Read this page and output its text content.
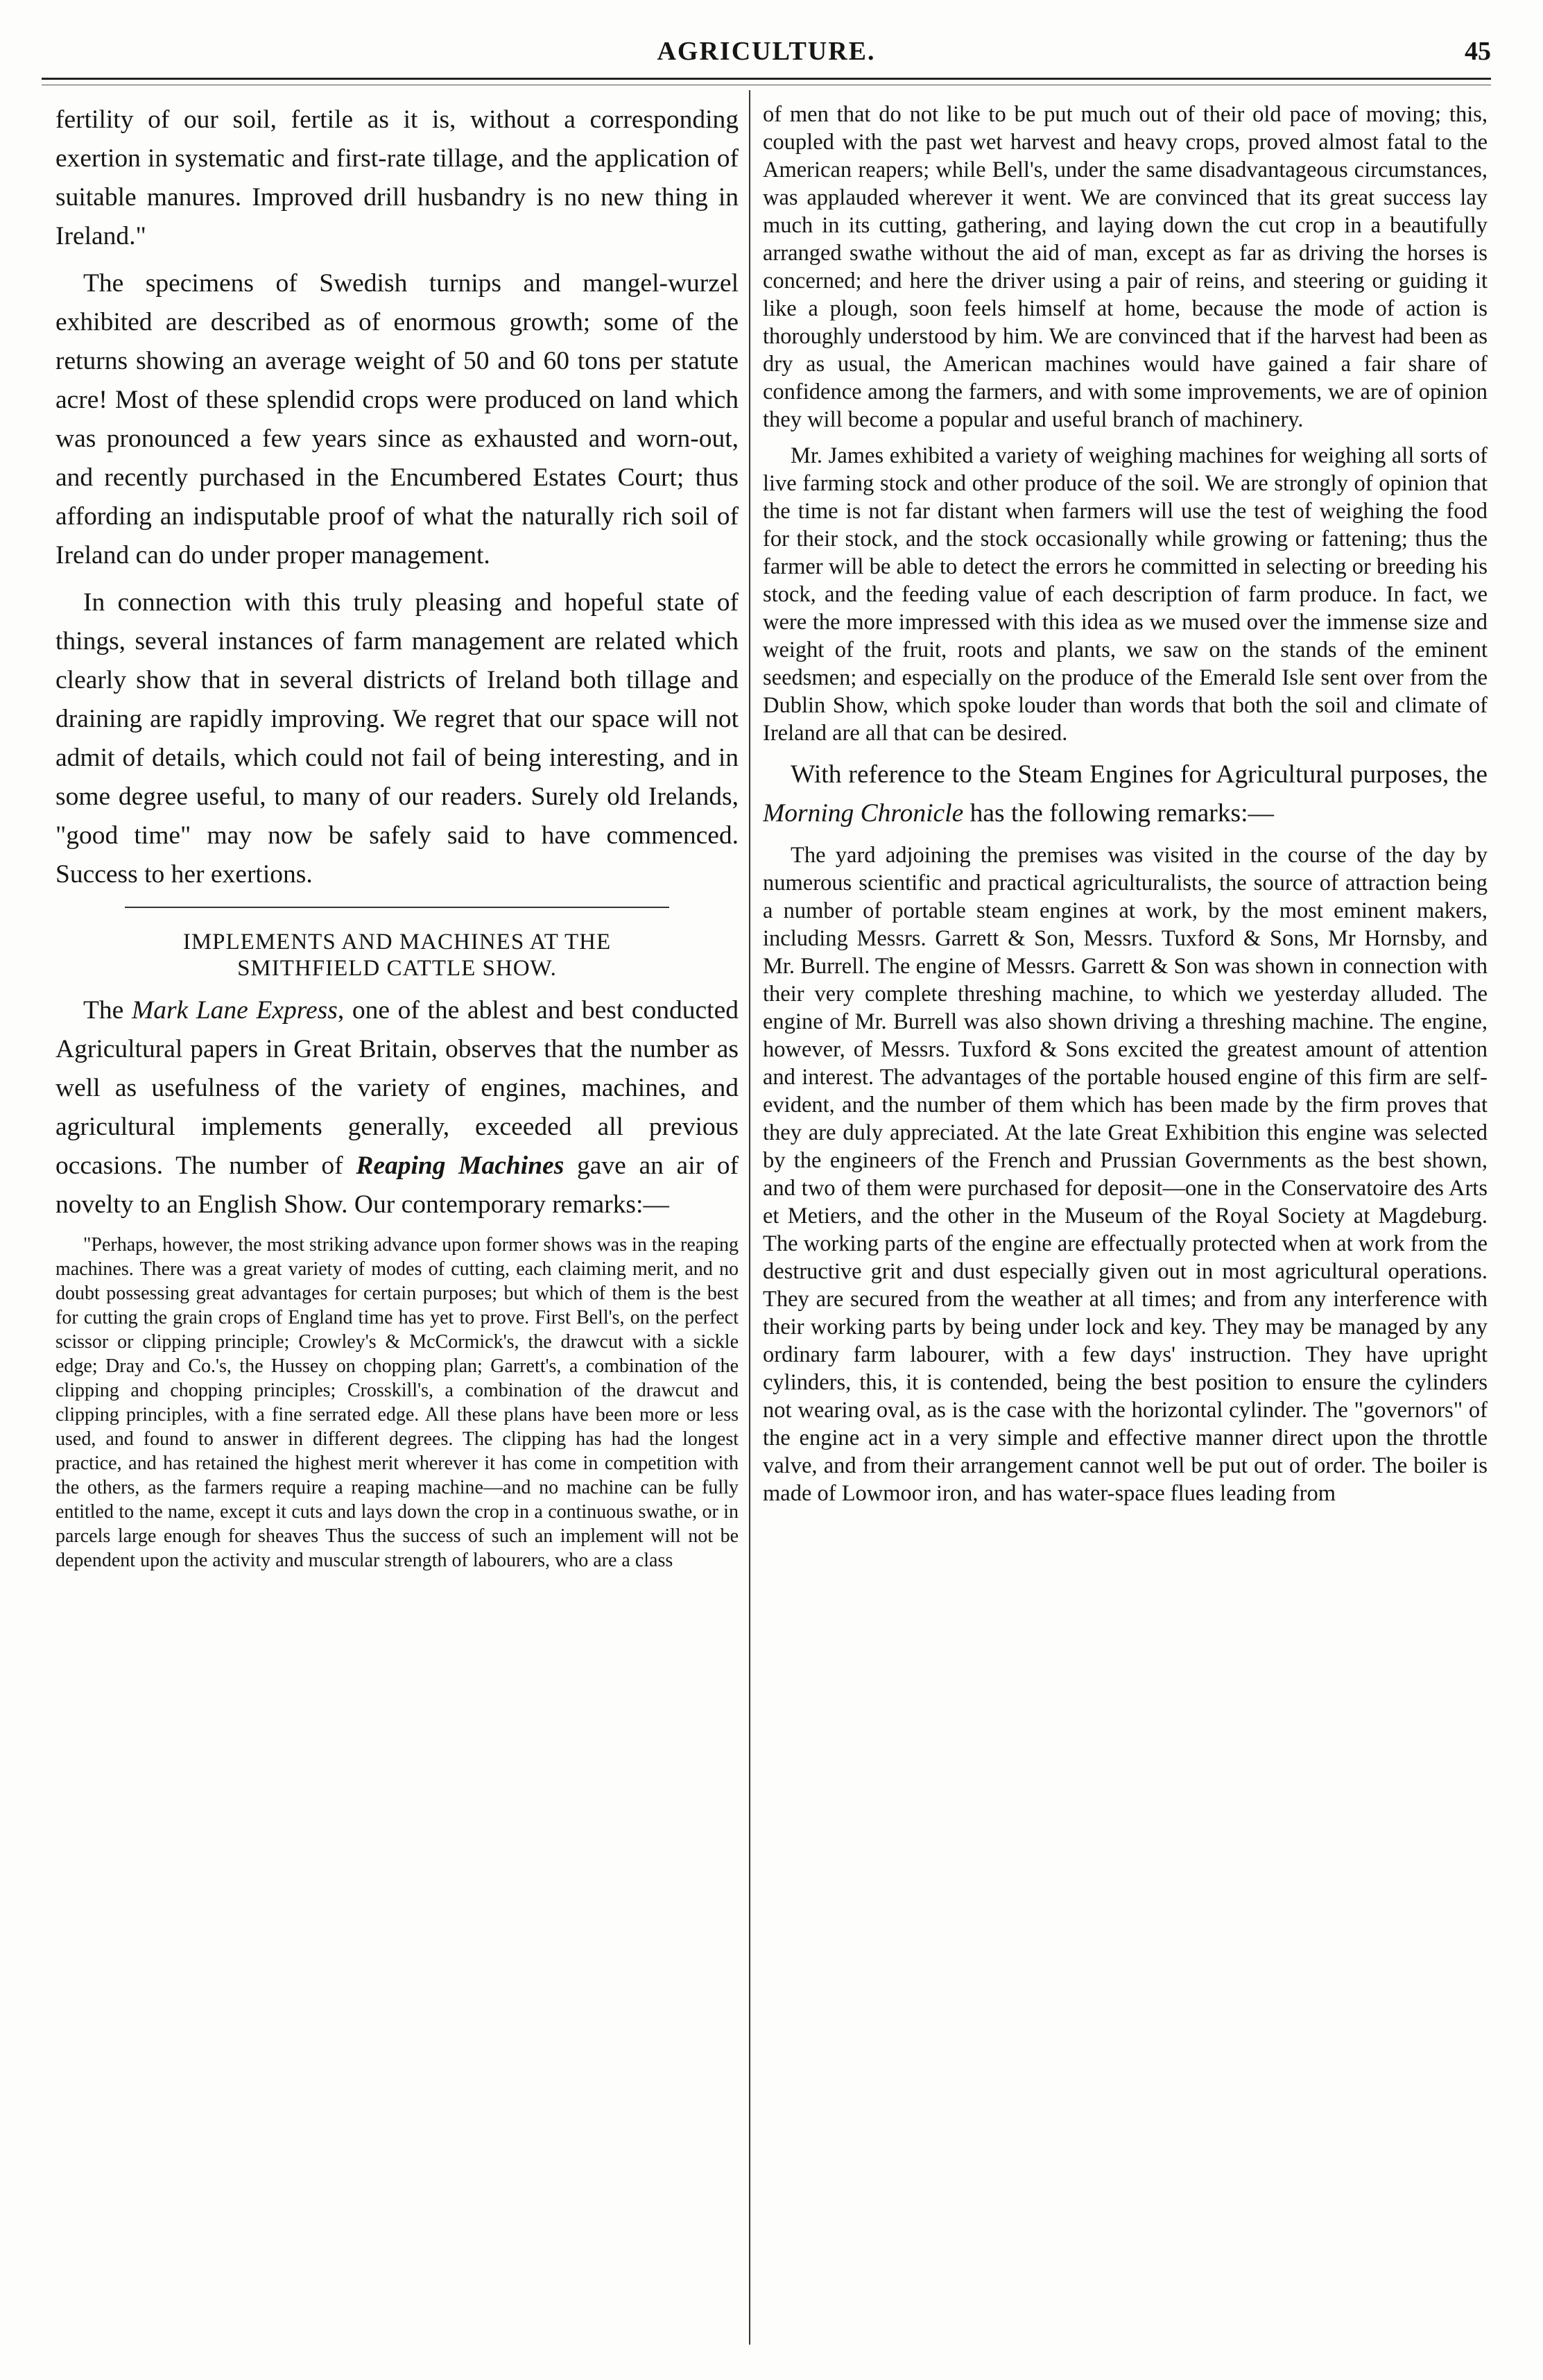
AGRICULTURE.	45

fertility of our soil, fertile as it is, without a corresponding exertion in systematic and first-rate tillage, and the application of suitable manures. Improved drill husbandry is no new thing in Ireland."

The specimens of Swedish turnips and mangel-wurzel exhibited are described as of enormous growth; some of the returns showing an average weight of 50 and 60 tons per statute acre! Most of these splendid crops were produced on land which was pronounced a few years since as exhausted and worn-out, and recently purchased in the Encumbered Estates Court; thus affording an indisputable proof of what the naturally rich soil of Ireland can do under proper management.

In connection with this truly pleasing and hopeful state of things, several instances of farm management are related which clearly show that in several districts of Ireland both tillage and draining are rapidly improving. We regret that our space will not admit of details, which could not fail of being interesting, and in some degree useful, to many of our readers. Surely old Irelands, "good time" may now be safely said to have commenced. Success to her exertions.

IMPLEMENTS AND MACHINES AT THE
SMITHFIELD CATTLE SHOW.

The Mark Lane Express, one of the ablest and best conducted Agricultural papers in Great Britain, observes that the number as well as usefulness of the variety of engines, machines, and agricultural implements generally, exceeded all previous occasions. The number of Reaping Machines gave an air of novelty to an English Show. Our contemporary remarks:—

"Perhaps, however, the most striking advance upon former shows was in the reaping machines. There was a great variety of modes of cutting, each claiming merit, and no doubt possessing great advantages for certain purposes; but which of them is the best for cutting the grain crops of England time has yet to prove. First Bell's, on the perfect scissor or clipping principle; Crowley's & McCormick's, the drawcut with a sickle edge; Dray and Co.'s, the Hussey on chopping plan; Garrett's, a combination of the clipping and chopping principles; Crosskill's, a combination of the drawcut and clipping principles, with a fine serrated edge. All these plans have been more or less used, and found to answer in different degrees. The clipping has had the longest practice, and has retained the highest merit wherever it has come in competition with the others, as the farmers require a reaping machine—and no machine can be fully entitled to the name, except it cuts and lays down the crop in a continuous swathe, or in parcels large enough for sheaves Thus the success of such an implement will not be dependent upon the activity and muscular strength of labourers, who are a class

of men that do not like to be put much out of their old pace of moving; this, coupled with the past wet harvest and heavy crops, proved almost fatal to the American reapers; while Bell's, under the same disadvantageous circumstances, was applauded wherever it went. We are convinced that its great success lay much in its cutting, gathering, and laying down the cut crop in a beautifully arranged swathe without the aid of man, except as far as driving the horses is concerned; and here the driver using a pair of reins, and steering or guiding it like a plough, soon feels himself at home, because the mode of action is thoroughly understood by him. We are convinced that if the harvest had been as dry as usual, the American machines would have gained a fair share of confidence among the farmers, and with some improvements, we are of opinion they will become a popular and useful branch of machinery.

Mr. James exhibited a variety of weighing machines for weighing all sorts of live farming stock and other produce of the soil. We are strongly of opinion that the time is not far distant when farmers will use the test of weighing the food for their stock, and the stock occasionally while growing or fattening; thus the farmer will be able to detect the errors he committed in selecting or breeding his stock, and the feeding value of each description of farm produce. In fact, we were the more impressed with this idea as we mused over the immense size and weight of the fruit, roots and plants, we saw on the stands of the eminent seedsmen; and especially on the produce of the Emerald Isle sent over from the Dublin Show, which spoke louder than words that both the soil and climate of Ireland are all that can be desired.

With reference to the Steam Engines for Agricultural purposes, the Morning Chronicle has the following remarks:—

The yard adjoining the premises was visited in the course of the day by numerous scientific and practical agriculturalists, the source of attraction being a number of portable steam engines at work, by the most eminent makers, including Messrs. Garrett & Son, Messrs. Tuxford & Sons, Mr Hornsby, and Mr. Burrell. The engine of Messrs. Garrett & Son was shown in connection with their very complete threshing machine, to which we yesterday alluded. The engine of Mr. Burrell was also shown driving a threshing machine. The engine, however, of Messrs. Tuxford & Sons excited the greatest amount of attention and interest. The advantages of the portable housed engine of this firm are self-evident, and the number of them which has been made by the firm proves that they are duly appreciated. At the late Great Exhibition this engine was selected by the engineers of the French and Prussian Governments as the best shown, and two of them were purchased for deposit—one in the Conservatoire des Arts et Metiers, and the other in the Museum of the Royal Society at Magdeburg. The working parts of the engine are effectually protected when at work from the destructive grit and dust especially given out in most agricultural operations. They are secured from the weather at all times; and from any interference with their working parts by being under lock and key. They may be managed by any ordinary farm labourer, with a few days' instruction. They have upright cylinders, this, it is contended, being the best position to ensure the cylinders not wearing oval, as is the case with the horizontal cylinder. The "governors" of the engine act in a very simple and effective manner direct upon the throttle valve, and from their arrangement cannot well be put out of order. The boiler is made of Lowmoor iron, and has water-space flues leading from
